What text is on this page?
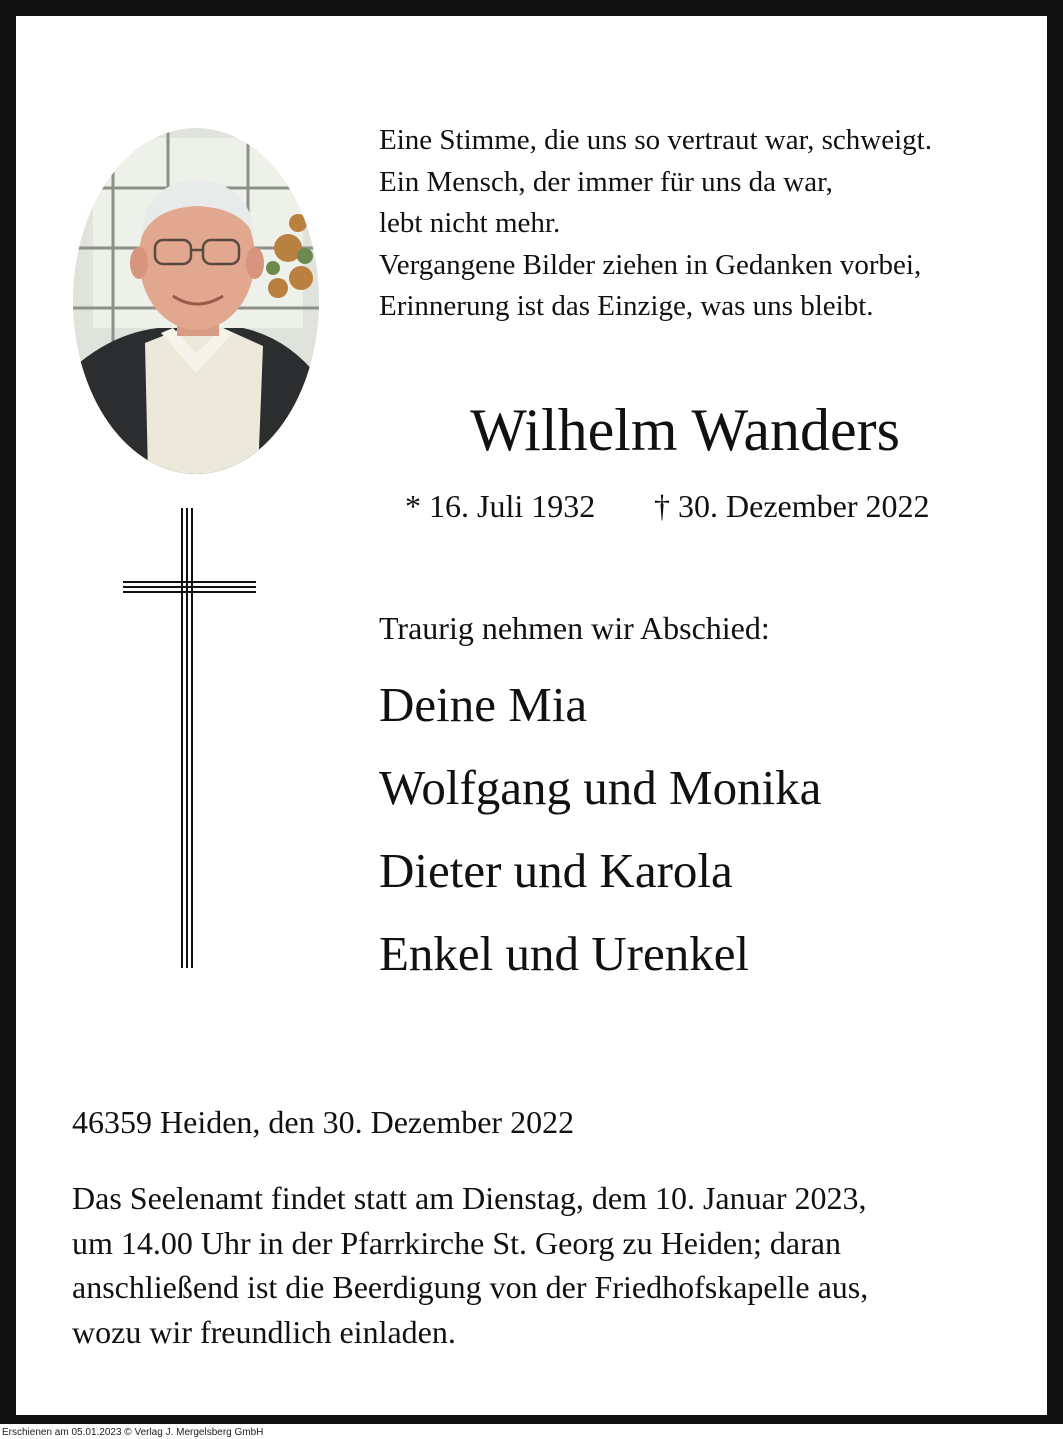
Eine Stimme, die uns so vertraut war, schweigt.
Ein Mensch, der immer für uns da war,
lebt nicht mehr.
Vergangene Bilder ziehen in Gedanken vorbei,
Erinnerung ist das Einzige, was uns bleibt.
Wilhelm Wanders
* 16. Juli 1932 † 30. Dezember 2022
Traurig nehmen wir Abschied:
Deine Mia
Wolfgang und Monika
Dieter und Karola
Enkel und Urenkel
46359 Heiden, den 30. Dezember 2022
Das Seelenamt findet statt am Dienstag, dem 10. Januar 2023,
um 14.00 Uhr in der Pfarrkirche St. Georg zu Heiden; daran
anschließend ist die Beerdigung von der Friedhofskapelle aus,
wozu wir freundlich einladen.
Erschienen am 05.01.2023 © Verlag J. Mergelsberg GmbH
